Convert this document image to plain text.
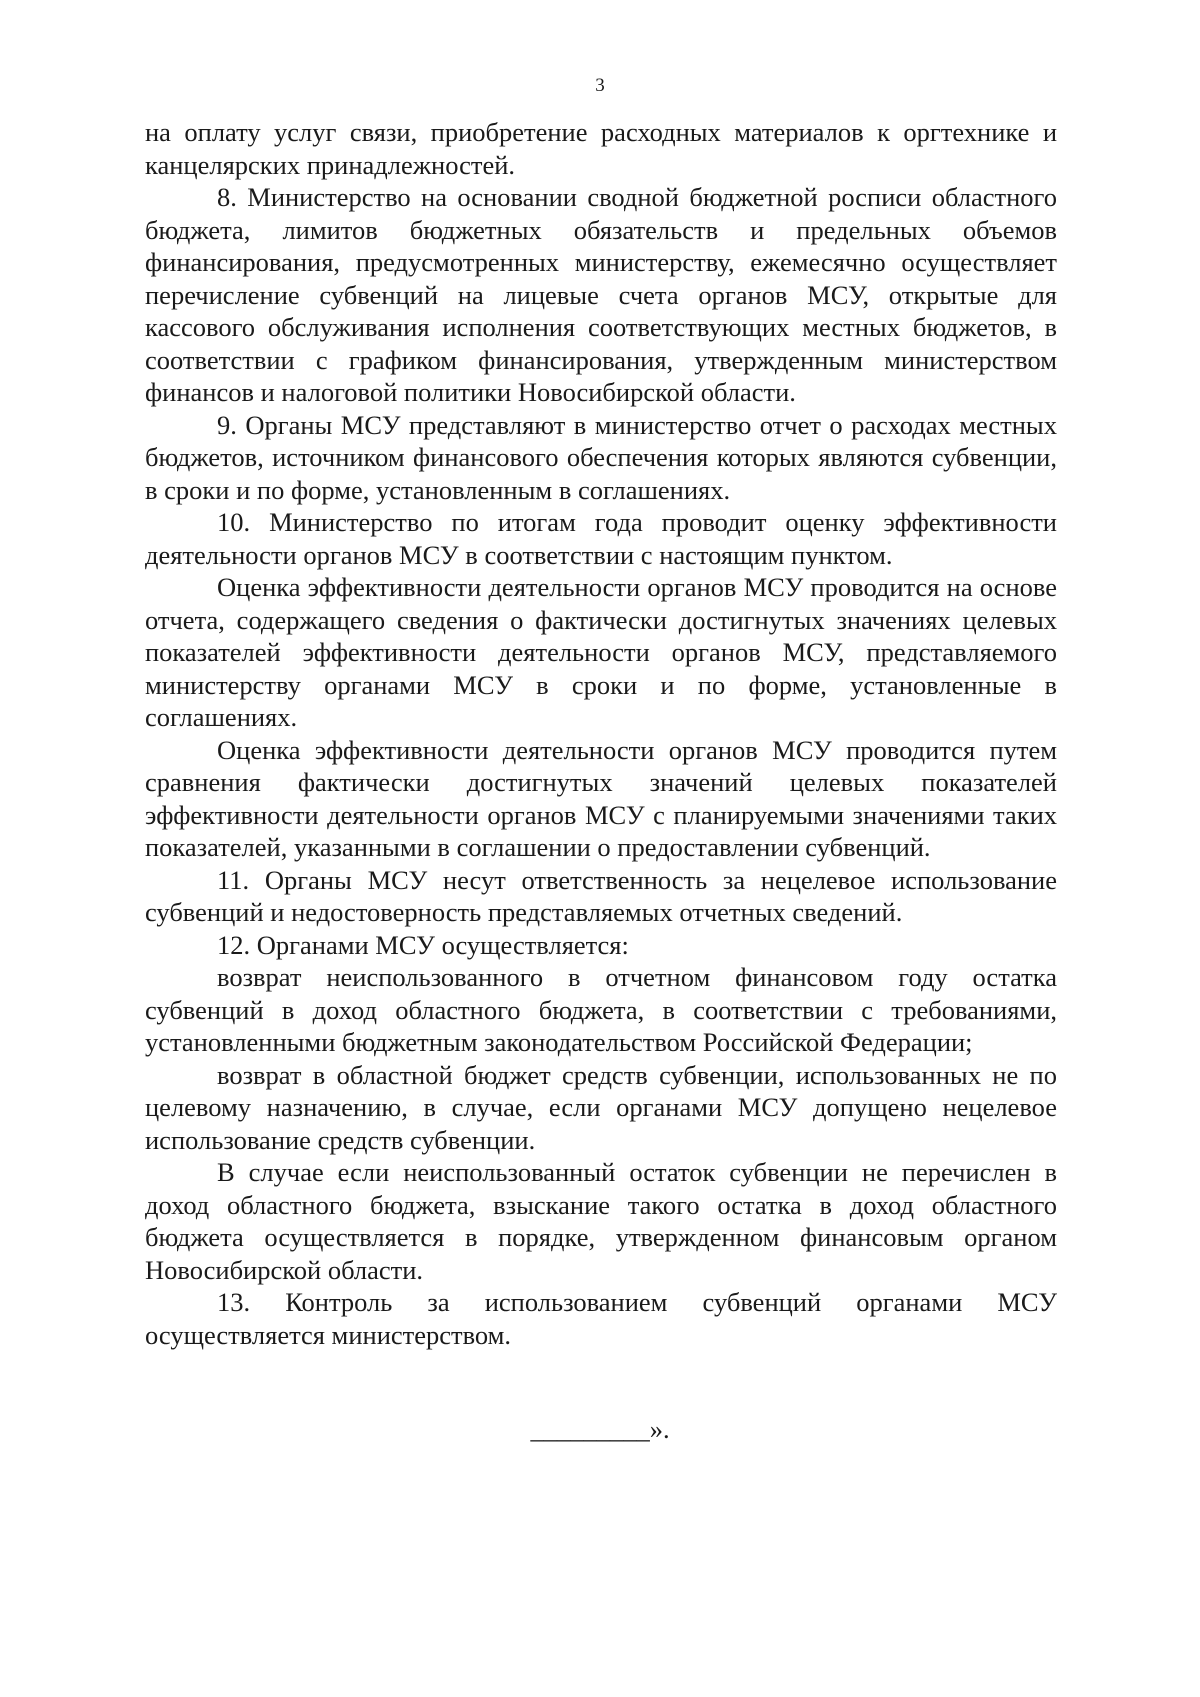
3

на оплату услуг связи, приобретение расходных материалов к оргтехнике и канцелярских принадлежностей.

8. Министерство на основании сводной бюджетной росписи областного бюджета, лимитов бюджетных обязательств и предельных объемов финансирования, предусмотренных министерству, ежемесячно осуществляет перечисление субвенций на лицевые счета органов МСУ, открытые для кассового обслуживания исполнения соответствующих местных бюджетов, в соответствии с графиком финансирования, утвержденным министерством финансов и налоговой политики Новосибирской области.

9. Органы МСУ представляют в министерство отчет о расходах местных бюджетов, источником финансового обеспечения которых являются субвенции, в сроки и по форме, установленным в соглашениях.

10. Министерство по итогам года проводит оценку эффективности деятельности органов МСУ в соответствии с настоящим пунктом.

Оценка эффективности деятельности органов МСУ проводится на основе отчета, содержащего сведения о фактически достигнутых значениях целевых показателей эффективности деятельности органов МСУ, представляемого министерству органами МСУ в сроки и по форме, установленные в соглашениях.

Оценка эффективности деятельности органов МСУ проводится путем сравнения фактически достигнутых значений целевых показателей эффективности деятельности органов МСУ с планируемыми значениями таких показателей, указанными в соглашении о предоставлении субвенций.

11. Органы МСУ несут ответственность за нецелевое использование субвенций и недостоверность представляемых отчетных сведений.

12. Органами МСУ осуществляется:

возврат неиспользованного в отчетном финансовом году остатка субвенций в доход областного бюджета, в соответствии с требованиями, установленными бюджетным законодательством Российской Федерации;

возврат в областной бюджет средств субвенции, использованных не по целевому назначению, в случае, если органами МСУ допущено нецелевое использование средств субвенции.

В случае если неиспользованный остаток субвенции не перечислен в доход областного бюджета, взыскание такого остатка в доход областного бюджета осуществляется в порядке, утвержденном финансовым органом Новосибирской области.

13. Контроль за использованием субвенций органами МСУ осуществляется министерством.

_________».
